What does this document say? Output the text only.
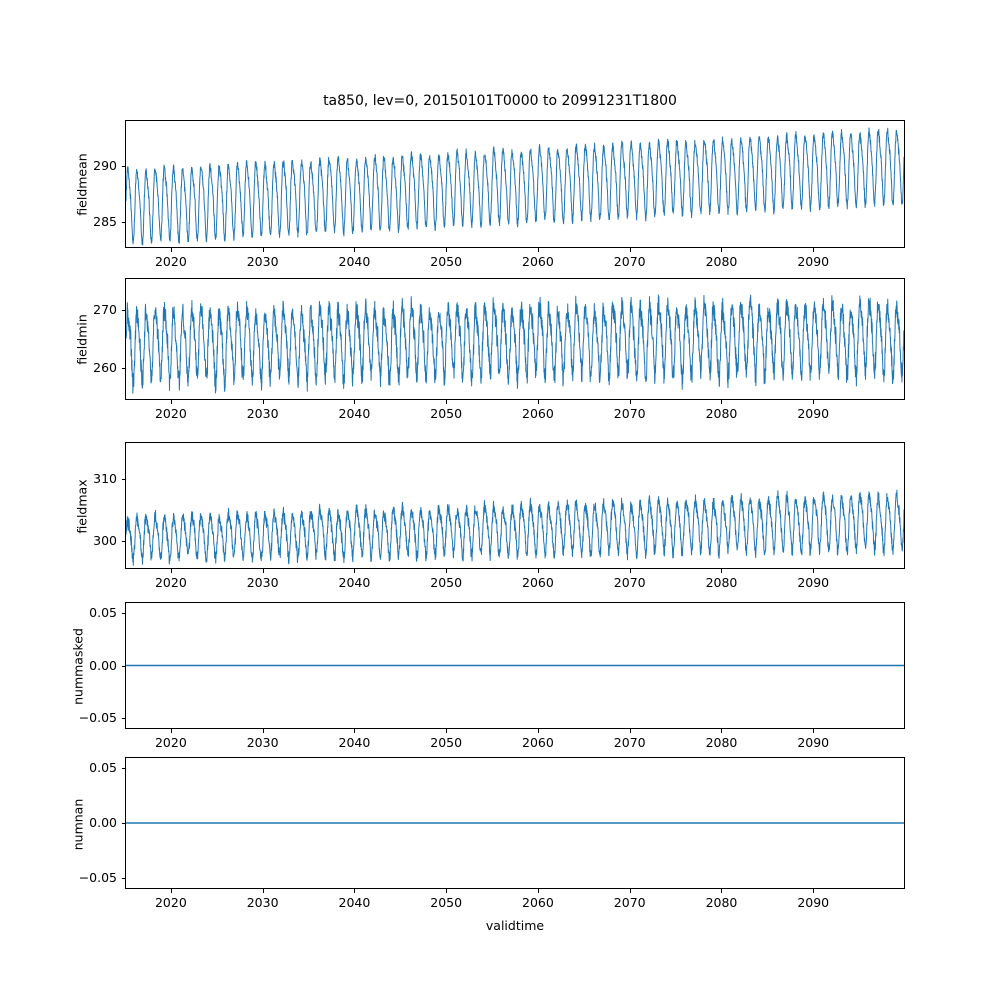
ta850, lev=0, 20150101T0000 to 20991231T1800
fieldmean
fieldmin
fieldmax
nummasked
numnan
validtime
2020	2030	2040	2050	2060	2070	2080	2090
285
290
2020	2030	2040	2050	2060	2070	2080	2090
260
270
2020	2030	2040	2050	2060	2070	2080	2090
300
310
2020	2030	2040	2050	2060	2070	2080	2090
−0.05
0.00
0.05
2020	2030	2040	2050	2060	2070	2080	2090
−0.05
0.00
0.05
